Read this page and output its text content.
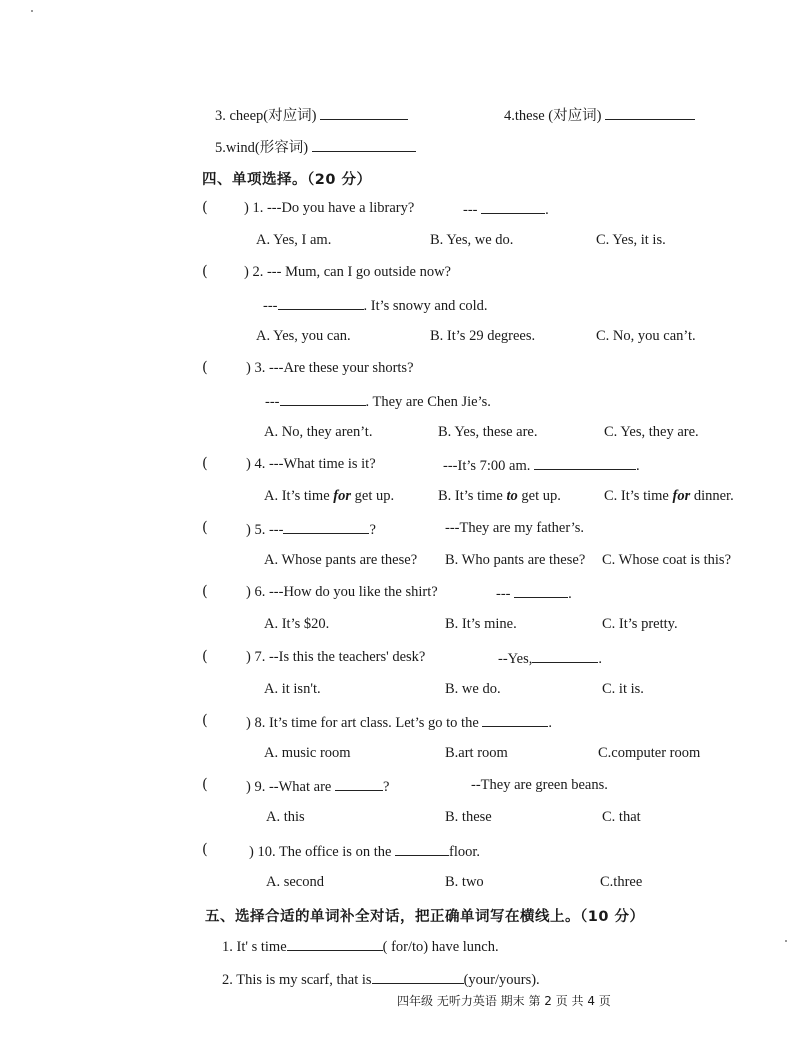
3. cheep(对应词)	4.these (对应词)
5.wind(形容词)
四、单项选择。（20 分）
(	) 1. ---Do you have a library?	---	.
A. Yes, I am.	B. Yes, we do.	C. Yes, it is.
(	) 2. --- Mum, can I go outside now?
---	. It’s snowy and cold.
A. Yes, you can.	B. It’s 29 degrees.	C. No, you can’t.
(	) 3. ---Are these your shorts?
---	. They are Chen Jie’s.
A. No, they aren’t.	B. Yes, these are.	C. Yes, they are.
(	) 4. ---What time is it?	---It’s 7:00 am.	.
A. It’s time for get up.	B. It’s time to get up.	C. It’s time for dinner.
(	) 5. ---	?	---They are my father’s.
A. Whose pants are these? B. Who pants are these? C. Whose coat is this?
(	) 6. ---How do you like the shirt?	---	.
A. It’s $20.	B. It’s mine.	C. It’s pretty.
(	) 7. --Is this the teachers' desk?	--Yes,	.
A. it isn't.	B. we do.	C. it is.
(	) 8. It’s time for art class. Let’s go to the	.
A. music room	B.art room	C.computer room
(	) 9. --What are	?	--They are green beans.
A. this	B. these	C. that
(	) 10. The office is on the	floor.
A. second	B. two	C.three
五、选择合适的单词补全对话，把正确单词写在横线上。（10 分）
1. It' s time	( for/to) have lunch.
2. This is my scarf, that is	(your/yours).
四年级 无听力英语 期末 第 2 页 共 4 页
